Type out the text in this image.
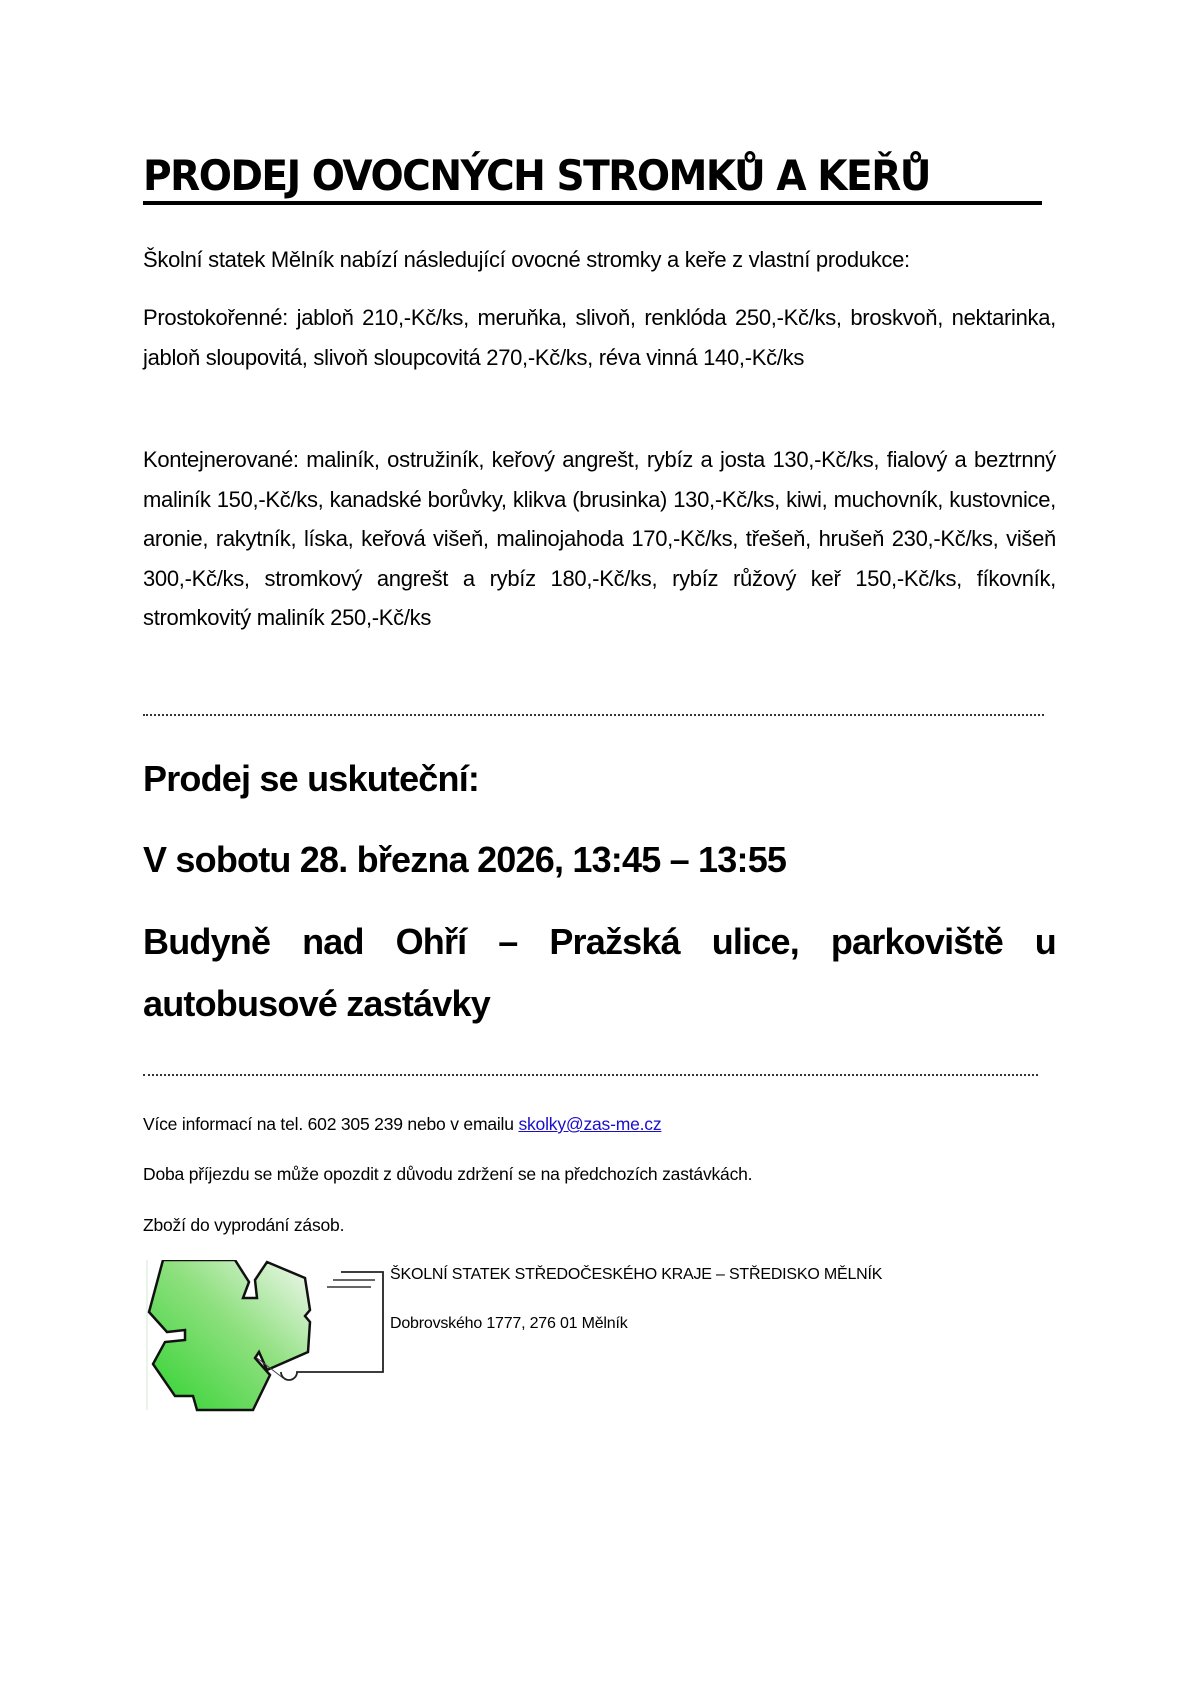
PRODEJ OVOCNÝCH STROMKŮ A KEŘŮ
Školní statek Mělník nabízí následující ovocné stromky a keře z vlastní produkce:
Prostokořenné: jabloň 210,-Kč/ks, meruňka, slivoň, renklóda 250,-Kč/ks, broskvoň, nektarinka, jabloň sloupovitá, slivoň sloupcovitá 270,-Kč/ks, réva vinná 140,-Kč/ks
Kontejnerované: maliník, ostružiník, keřový angrešt, rybíz a josta 130,-Kč/ks, fialový a beztrnný maliník 150,-Kč/ks, kanadské borůvky, klikva (brusinka) 130,-Kč/ks, kiwi, muchovník, kustovnice, aronie, rakytník, líska, keřová višeň, malinojahoda 170,-Kč/ks, třešeň, hrušeň 230,-Kč/ks, višeň 300,-Kč/ks, stromkový angrešt a rybíz 180,-Kč/ks, rybíz růžový keř 150,-Kč/ks, fíkovník, stromkovitý maliník 250,-Kč/ks
Prodej se uskuteční:
V sobotu 28. března 2026, 13:45 – 13:55
Budyně nad Ohří – Pražská ulice, parkoviště u autobusové zastávky
Více informací na tel. 602 305 239 nebo v emailu skolky@zas-me.cz
Doba příjezdu se může opozdit z důvodu zdržení se na předchozích zastávkách.
Zboží do vyprodání zásob.
ŠKOLNÍ STATEK STŘEDOČESKÉHO KRAJE – STŘEDISKO MĚLNÍK
Dobrovského 1777, 276 01 Mělník
